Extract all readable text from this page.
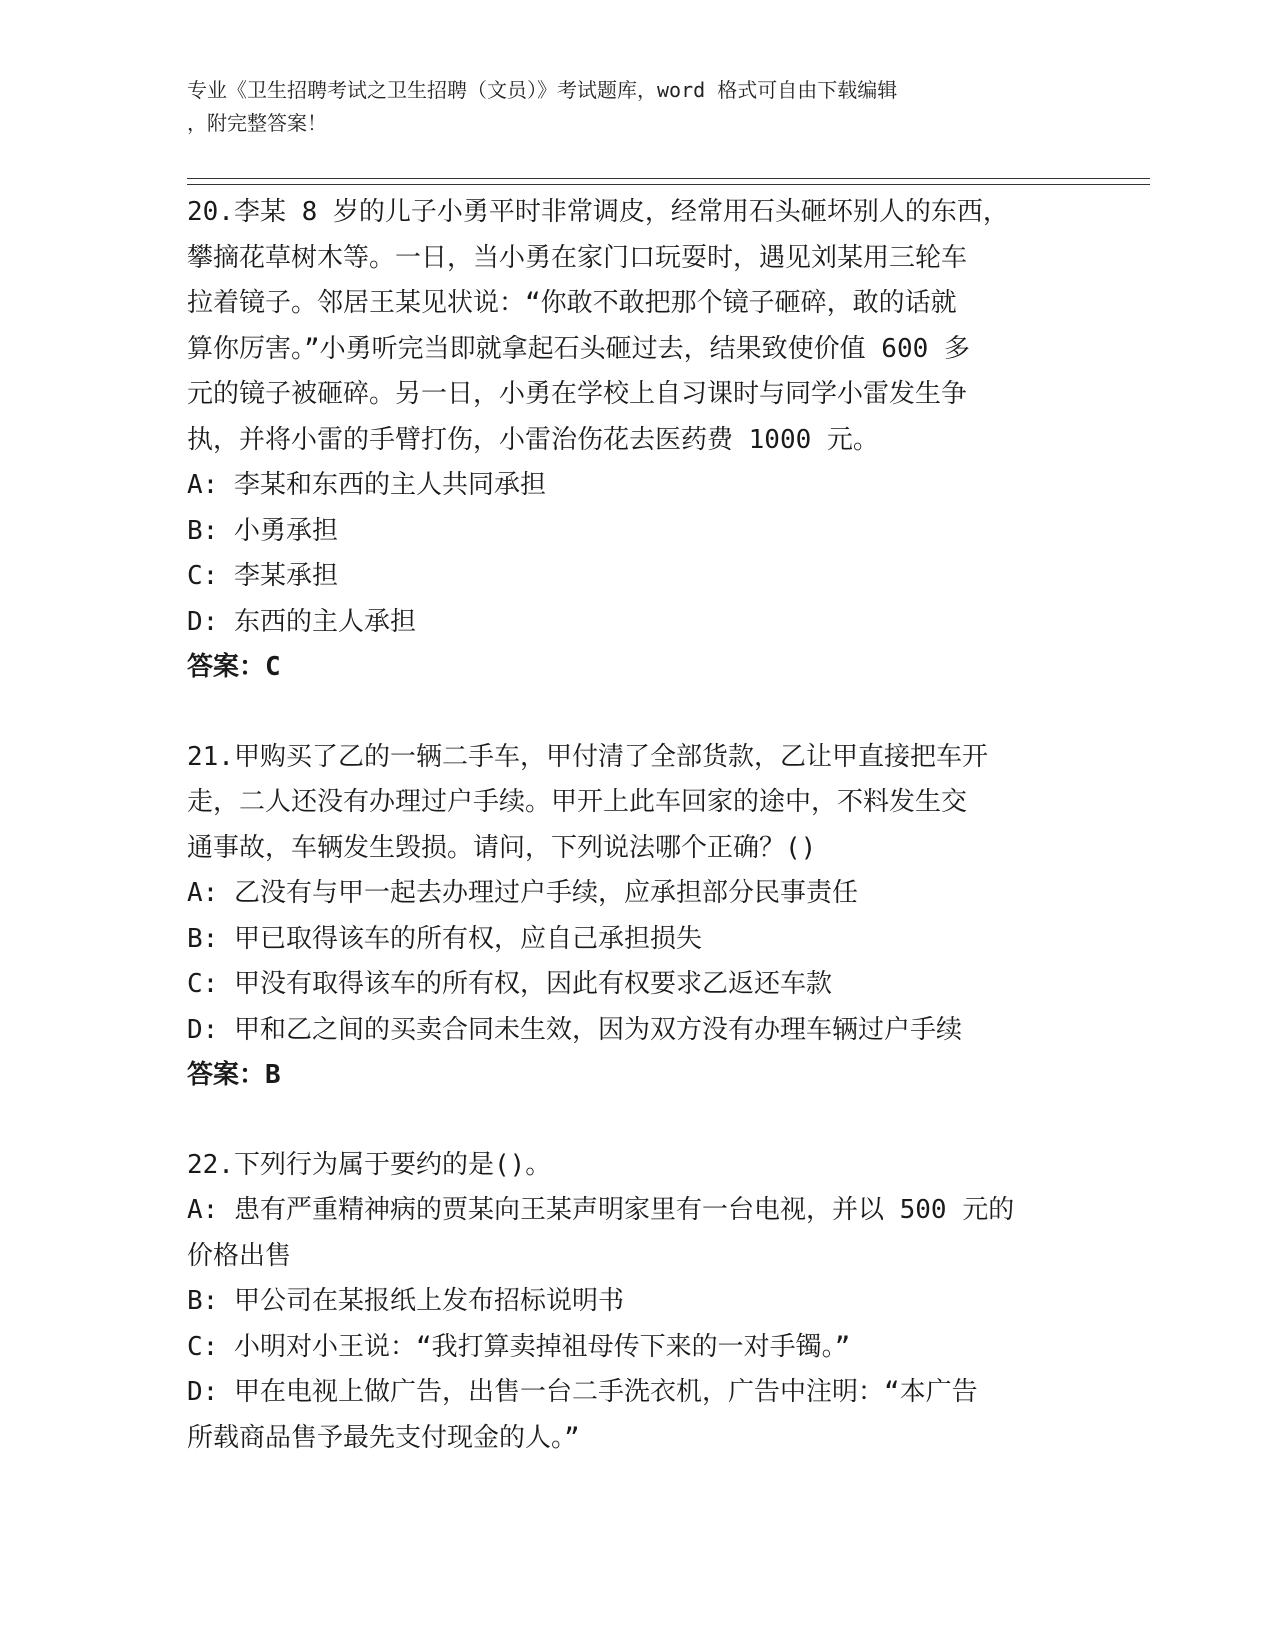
专业《卫生招聘考试之卫生招聘（文员）》考试题库，word 格式可自由下载编辑
，附完整答案！
20.李某 8 岁的儿子小勇平时非常调皮，经常用石头砸坏别人的东西，
攀摘花草树木等。一日，当小勇在家门口玩耍时，遇见刘某用三轮车
拉着镜子。邻居王某见状说：“你敢不敢把那个镜子砸碎，敢的话就
算你厉害。”小勇听完当即就拿起石头砸过去，结果致使价值 600 多
元的镜子被砸碎。另一日，小勇在学校上自习课时与同学小雷发生争
执，并将小雷的手臂打伤，小雷治伤花去医药费 1000 元。
A: 李某和东西的主人共同承担
B: 小勇承担
C: 李某承担
D: 东西的主人承担
答案：C
21.甲购买了乙的一辆二手车，甲付清了全部货款，乙让甲直接把车开
走，二人还没有办理过户手续。甲开上此车回家的途中，不料发生交
通事故，车辆发生毁损。请问，下列说法哪个正确？()
A: 乙没有与甲一起去办理过户手续，应承担部分民事责任
B: 甲已取得该车的所有权，应自己承担损失
C: 甲没有取得该车的所有权，因此有权要求乙返还车款
D: 甲和乙之间的买卖合同未生效，因为双方没有办理车辆过户手续
答案：B
22.下列行为属于要约的是()。
A: 患有严重精神病的贾某向王某声明家里有一台电视，并以 500 元的
价格出售
B: 甲公司在某报纸上发布招标说明书
C: 小明对小王说：“我打算卖掉祖母传下来的一对手镯。”
D: 甲在电视上做广告，出售一台二手洗衣机，广告中注明：“本广告
所载商品售予最先支付现金的人。”
